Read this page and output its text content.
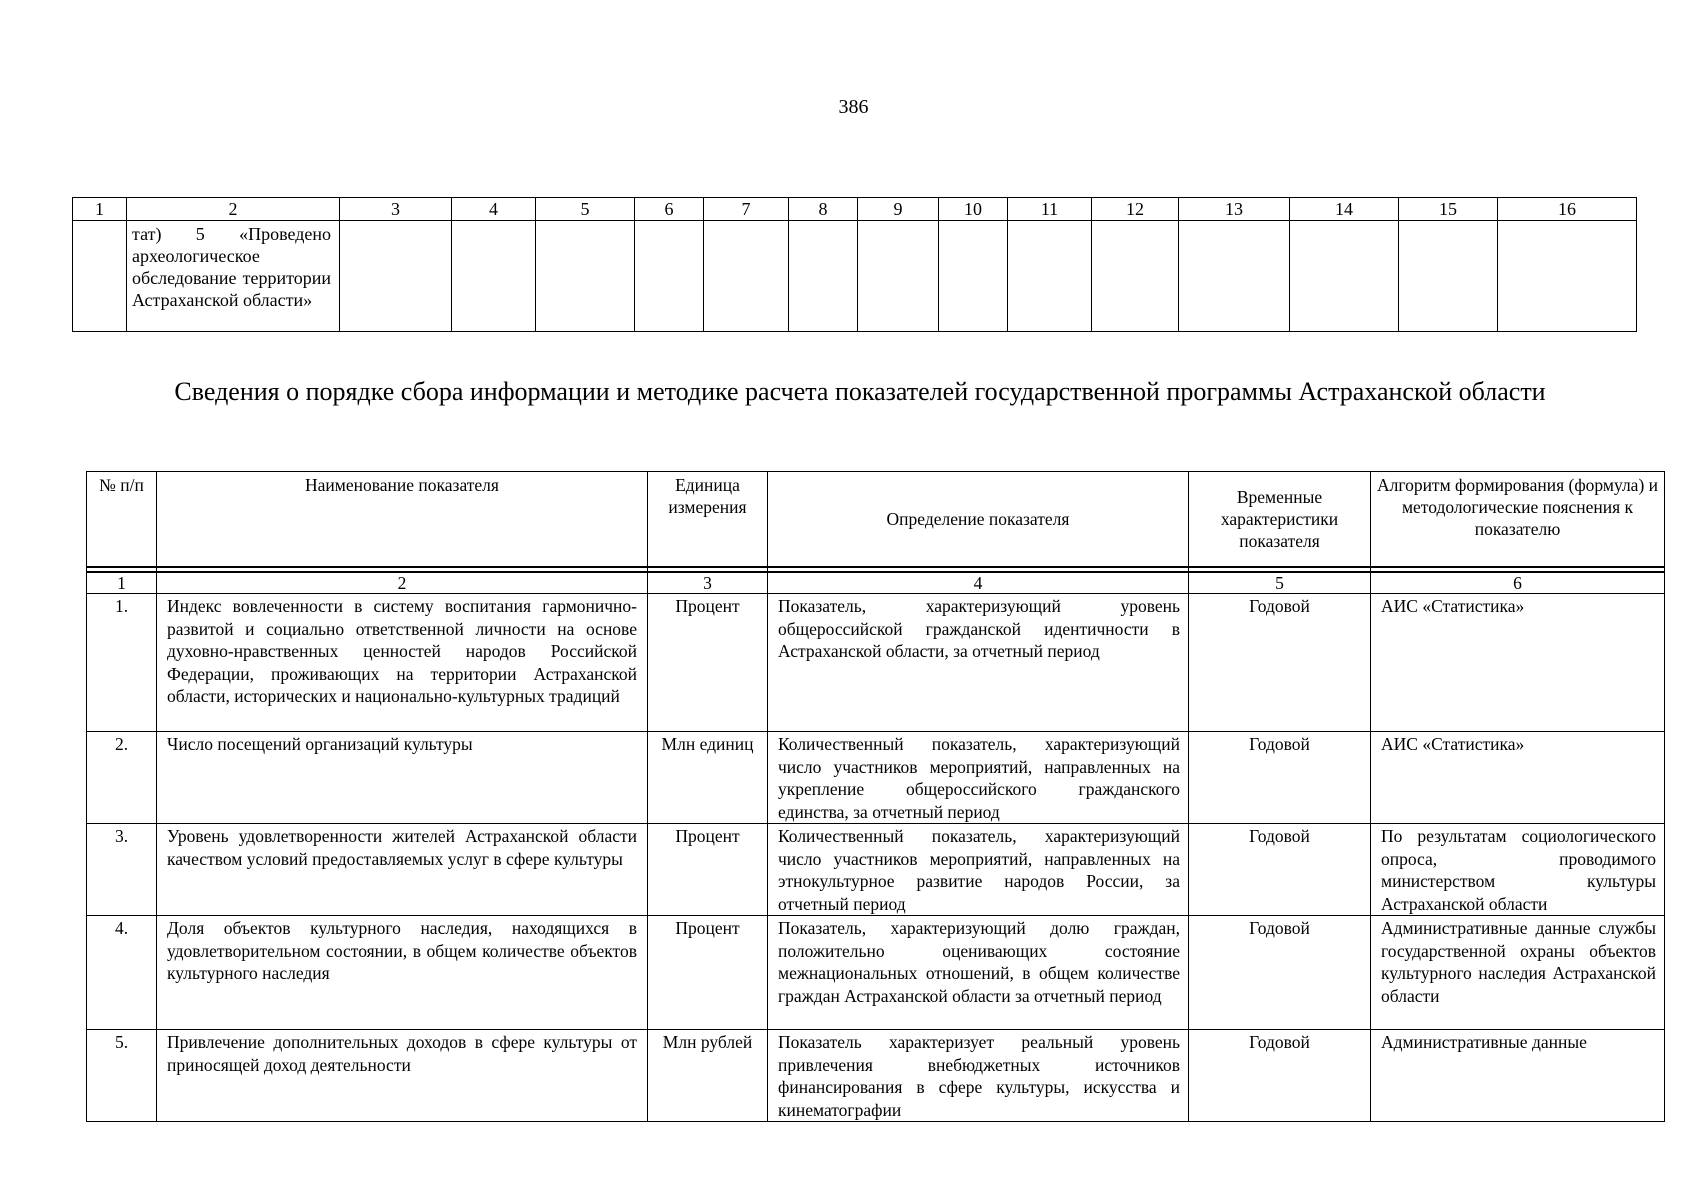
386
1	2	3	4	5	6	7	8	9	10	11	12	13	14	15	16

	тат) 5 «Проведено археологическое обследование территории Астраханской области»														

Сведения о порядке сбора информации и методике расчета показателей государственной программы Астраханской области
№ п/п	Наименование показателя	Единица измерения	Определение показателя	Временные характеристики показателя	Алгоритм формирования (формула) и методологические пояснения к показателю

1	2	3	4	5	6
1.	Индекс вовлеченности в систему воспитания гармонично-развитой и социально ответственной личности на основе духовно-нравственных ценностей народов Российской Федерации, проживающих на территории Астраханской области, исторических и национально-культурных традиций	Процент	Показатель, характеризующий уровень общероссийской гражданской идентичности в Астраханской области, за отчетный период	Годовой	АИС «Статистика»
2.	Число посещений организаций культуры	Млн единиц	Количественный показатель, характеризующий число участников мероприятий, направленных на укрепление общероссийского гражданского единства, за отчетный период	Годовой	АИС «Статистика»
3.	Уровень удовлетворенности жителей Астраханской области качеством условий предоставляемых услуг в сфере культуры	Процент	Количественный показатель, характеризующий число участников мероприятий, направленных на этнокультурное развитие народов России, за отчетный период	Годовой	По результатам социологического опроса, проводимого министерством культуры Астраханской области
4.	Доля объектов культурного наследия, находящихся в удовлетворительном состоянии, в общем количестве объектов культурного наследия	Процент	Показатель, характеризующий долю граждан, положительно оценивающих состояние межнациональных отношений, в общем количестве граждан Астраханской области за отчетный период	Годовой	Административные данные службы государственной охраны объектов культурного наследия Астраханской области
5.	Привлечение дополнительных доходов в сфере культуры от приносящей доход деятельности	Млн рублей	Показатель характеризует реальный уровень привлечения внебюджетных источников финансирования в сфере культуры, искусства и кинематографии	Годовой	Административные данные
